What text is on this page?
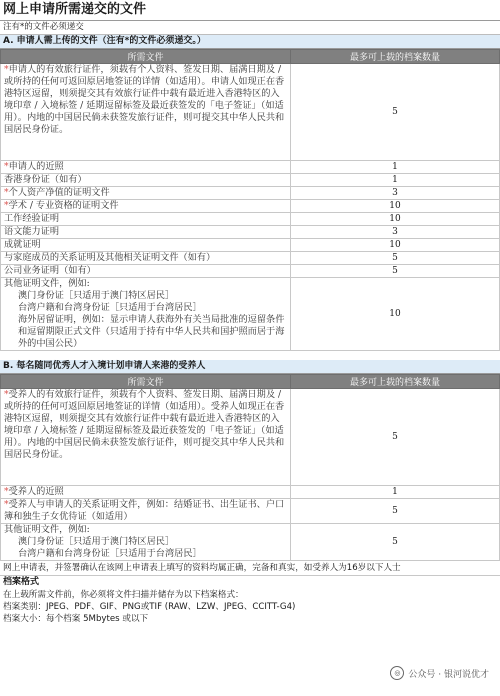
网上申请所需递交的文件
注有*的文件必须递交
A. 申请人需上传的文件（注有*的文件必须递交。）
所需文件	最多可上载的档案数量
*申请人的有效旅行证件，须载有个人资料、签发日期、届满日期及 / 或所持的任何可返回原居地签证的详情（如适用）。申请人如现正在香港特区逗留，则须提交其有效旅行证件中载有最近进入香港特区的入境印章 / 入境标签 / 延期逗留标签及最近获签发的「电子签证」（如适用）。内地的中国居民倘未获签发旅行证件，则可提交其中华人民共和国居民身份证。	5
*申请人的近照	1
香港身份证（如有）	1
*个人资产净值的证明文件	3
*学术 / 专业资格的证明文件	10
工作经验证明	10
语文能力证明	3
成就证明	10
与家庭成员的关系证明及其他相关证明文件（如有）	5
公司业务证明（如有）	5

其他证明文件，例如:
澳门身份证［只适用于澳门特区居民］
台湾户籍和台湾身份证［只适用于台湾居民］
海外居留证明，例如：显示申请人获海外有关当局批准的逗留条件和逗留期限正式文件（只适用于持有中华人民共和国护照而居于海外的中国公民）	10
B. 每名随同优秀人才入境计划申请人来港的受养人
所需文件	最多可上载的档案数量
*受养人的有效旅行证件，须载有个人资料、签发日期、届满日期及 / 或所持的任何可返回原居地签证的详情（如适用）。受养人如现正在香港特区逗留，则须提交其有效旅行证件中载有最近进入香港特区的入境印章 / 入境标签 / 延期逗留标签及最近获签发的「电子签证」（如适用）。内地的中国居民倘未获签发旅行证件，则可提交其中华人民共和国居民身份证。	5
*受养人的近照	1
*受养人与申请人的关系证明文件，例如：结婚证书、出生证书、户口簿和独生子女优待证（如适用）	5

其他证明文件，例如:
澳门身份证［只适用于澳门特区居民］
台湾户籍和台湾身份证［只适用于台湾居民］	5
网上申请表，并签署确认在该网上申请表上填写的资料均属正确，完备和真实，如受养人为16岁以下人士
档案格式
在上载所需文件前，你必须将文件扫描并储存为以下档案格式：
档案类别：JPEG、PDF、GIF、PNG或TIF (RAW、LZW、JPEG、CCITT-G4)
档案大小：每个档案 5Mbytes 或以下
◎ 公众号 · 银河说优才
